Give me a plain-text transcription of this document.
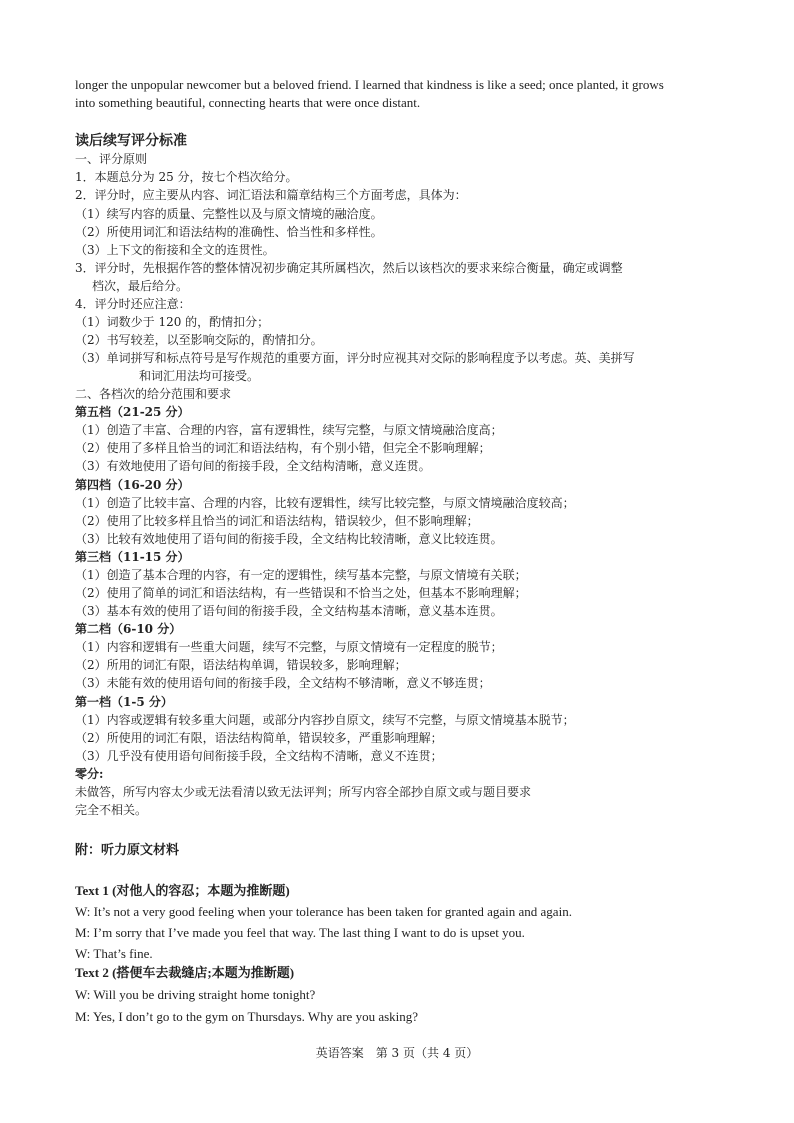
longer the unpopular newcomer but a beloved friend. I learned that kindness is like a seed; once planted, it grows
into something beautiful, connecting hearts that were once distant.
读后续写评分标准
一、评分原则
1．本题总分为 25 分，按七个档次给分。
2．评分时，应主要从内容、词汇语法和篇章结构三个方面考虑，具体为：
（1）续写内容的质量、完整性以及与原文情境的融洽度。
（2）所使用词汇和语法结构的准确性、恰当性和多样性。
（3）上下文的衔接和全文的连贯性。
3．评分时，先根据作答的整体情况初步确定其所属档次，然后以该档次的要求来综合衡量，确定或调整
档次，最后给分。
4．评分时还应注意：
（1）词数少于 120 的，酌情扣分；
（2）书写较差，以至影响交际的，酌情扣分。
（3）单词拼写和标点符号是写作规范的重要方面，评分时应视其对交际的影响程度予以考虑。英、美拼写
和词汇用法均可接受。
二、各档次的给分范围和要求
第五档（21-25 分）
（1）创造了丰富、合理的内容，富有逻辑性，续写完整，与原文情境融洽度高；
（2）使用了多样且恰当的词汇和语法结构，有个别小错，但完全不影响理解；
（3）有效地使用了语句间的衔接手段，全文结构清晰，意义连贯。
第四档（16-20 分）
（1）创造了比较丰富、合理的内容，比较有逻辑性，续写比较完整，与原文情境融洽度较高；
（2）使用了比较多样且恰当的词汇和语法结构，错误较少，但不影响理解；
（3）比较有效地使用了语句间的衔接手段，全文结构比较清晰，意义比较连贯。
第三档（11-15 分）
（1）创造了基本合理的内容，有一定的逻辑性，续写基本完整，与原文情境有关联；
（2）使用了简单的词汇和语法结构，有一些错误和不恰当之处，但基本不影响理解；
（3）基本有效的使用了语句间的衔接手段，全文结构基本清晰，意义基本连贯。
第二档（6-10 分）
（1）内容和逻辑有一些重大问题，续写不完整，与原文情境有一定程度的脱节；
（2）所用的词汇有限，语法结构单调，错误较多，影响理解；
（3）未能有效的使用语句间的衔接手段，全文结构不够清晰，意义不够连贯；
第一档（1-5 分）
（1）内容或逻辑有较多重大问题，或部分内容抄自原文，续写不完整，与原文情境基本脱节；
（2）所使用的词汇有限，语法结构简单，错误较多，严重影响理解；
（3）几乎没有使用语句间衔接手段，全文结构不清晰，意义不连贯；
零分:
未做答，所写内容太少或无法看清以致无法评判；所写内容全部抄自原文或与题目要求
完全不相关。
附：听力原文材料
Text 1 (对他人的容忍；本题为推断题)
W: It’s not a very good feeling when your tolerance has been taken for granted again and again.
M: I’m sorry that I’ve made you feel that way. The last thing I want to do is upset you.
W: That’s fine.
Text 2 (搭便车去裁缝店;本题为推断题)
W: Will you be driving straight home tonight?
M: Yes, I don’t go to the gym on Thursdays. Why are you asking?
英语答案　第 3 页（共 4 页）
